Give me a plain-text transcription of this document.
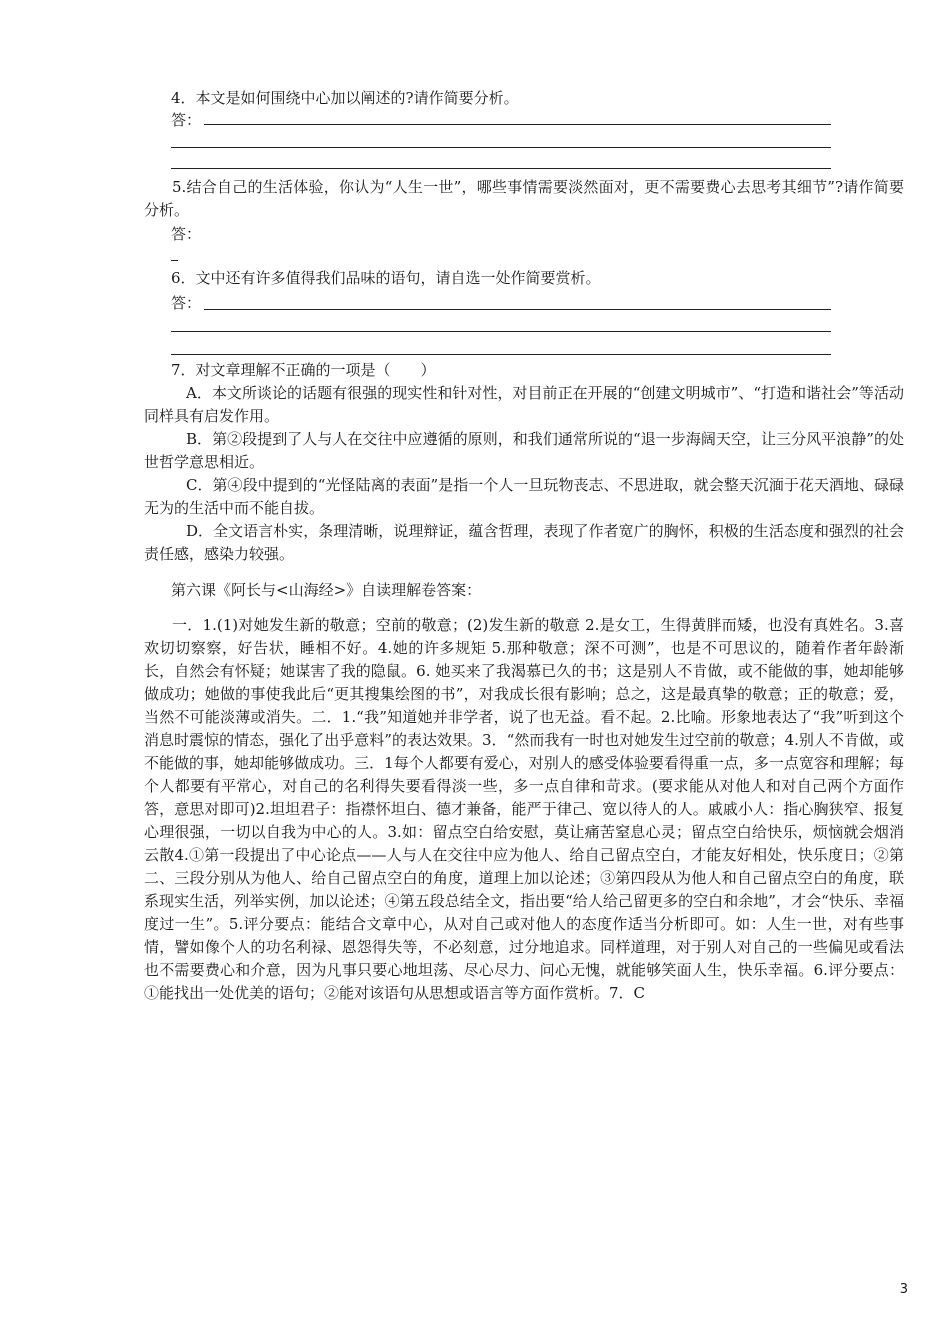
4．本文是如何围绕中心加以阐述的?请作简要分析。
答：
5.结合自己的生活体验，你认为“人生一世”，哪些事情需要淡然面对，更不需要费心去思考其细节”?请作简要分析。
答：
6．文中还有许多值得我们品味的语句，请自选一处作简要赏析。
答：
7．对文章理解不正确的一项是（　　）
A．本文所谈论的话题有很强的现实性和针对性，对目前正在开展的“创建文明城市”、“打造和谐社会”等活动同样具有启发作用。
B．第②段提到了人与人在交往中应遵循的原则，和我们通常所说的“退一步海阔天空，让三分风平浪静”的处世哲学意思相近。
C．第④段中提到的“光怪陆离的表面”是指一个人一旦玩物丧志、不思进取，就会整天沉湎于花天酒地、碌碌无为的生活中而不能自拔。
D．全文语言朴实，条理清晰，说理辩证，蕴含哲理，表现了作者宽广的胸怀，积极的生活态度和强烈的社会责任感，感染力较强。
第六课《阿长与<山海经>》自读理解卷答案：
一．1.(1)对她发生新的敬意；空前的敬意；(2)发生新的敬意 2.是女工，生得黄胖而矮，也没有真姓名。3.喜欢切切察察，好告状，睡相不好。4.她的许多规矩 5.那种敬意；深不可测”，也是不可思议的，随着作者年龄渐长，自然会有怀疑；她谋害了我的隐鼠。6. 她买来了我渴慕已久的书；这是别人不肯做，或不能做的事，她却能够做成功；她做的事使我此后“更其搜集绘图的书”，对我成长很有影响；总之，这是最真挚的敬意；正的敬意；爱，当然不可能淡薄或消失。二．1.“我”知道她并非学者，说了也无益。看不起。2.比喻。形象地表达了“我”听到这个消息时震惊的情态，强化了出乎意料”的表达效果。3．“然而我有一时也对她发生过空前的敬意；4.别人不肯做，或不能做的事，她却能够做成功。三．1每个人都要有爱心，对别人的感受体验要看得重一点，多一点宽容和理解；每个人都要有平常心，对自己的名利得失要看得淡一些，多一点自律和苛求。(要求能从对他人和对自己两个方面作答，意思对即可)2.坦坦君子：指襟怀坦白、德才兼备，能严于律己、宽以待人的人。戚戚小人：指心胸狭窄、报复心理很强，一切以自我为中心的人。3.如：留点空白给安慰，莫让痛苦窒息心灵；留点空白给快乐，烦恼就会烟消云散4.①第一段提出了中心论点——人与人在交往中应为他人、给自己留点空白，才能友好相处，快乐度日；②第二、三段分别从为他人、给自己留点空白的角度，道理上加以论述；③第四段从为他人和自己留点空白的角度，联系现实生活，列举实例，加以论述；④第五段总结全文，指出要“给人给己留更多的空白和余地”，才会“快乐、幸福度过一生”。5.评分要点：能结合文章中心，从对自己或对他人的态度作适当分析即可。如：人生一世，对有些事情，譬如像个人的功名利禄、恩怨得失等，不必刻意，过分地追求。同样道理，对于别人对自己的一些偏见或看法也不需要费心和介意，因为凡事只要心地坦荡、尽心尽力、问心无愧，就能够笑面人生，快乐幸福。6.评分要点：①能找出一处优美的语句；②能对该语句从思想或语言等方面作赏析。7．C
3
